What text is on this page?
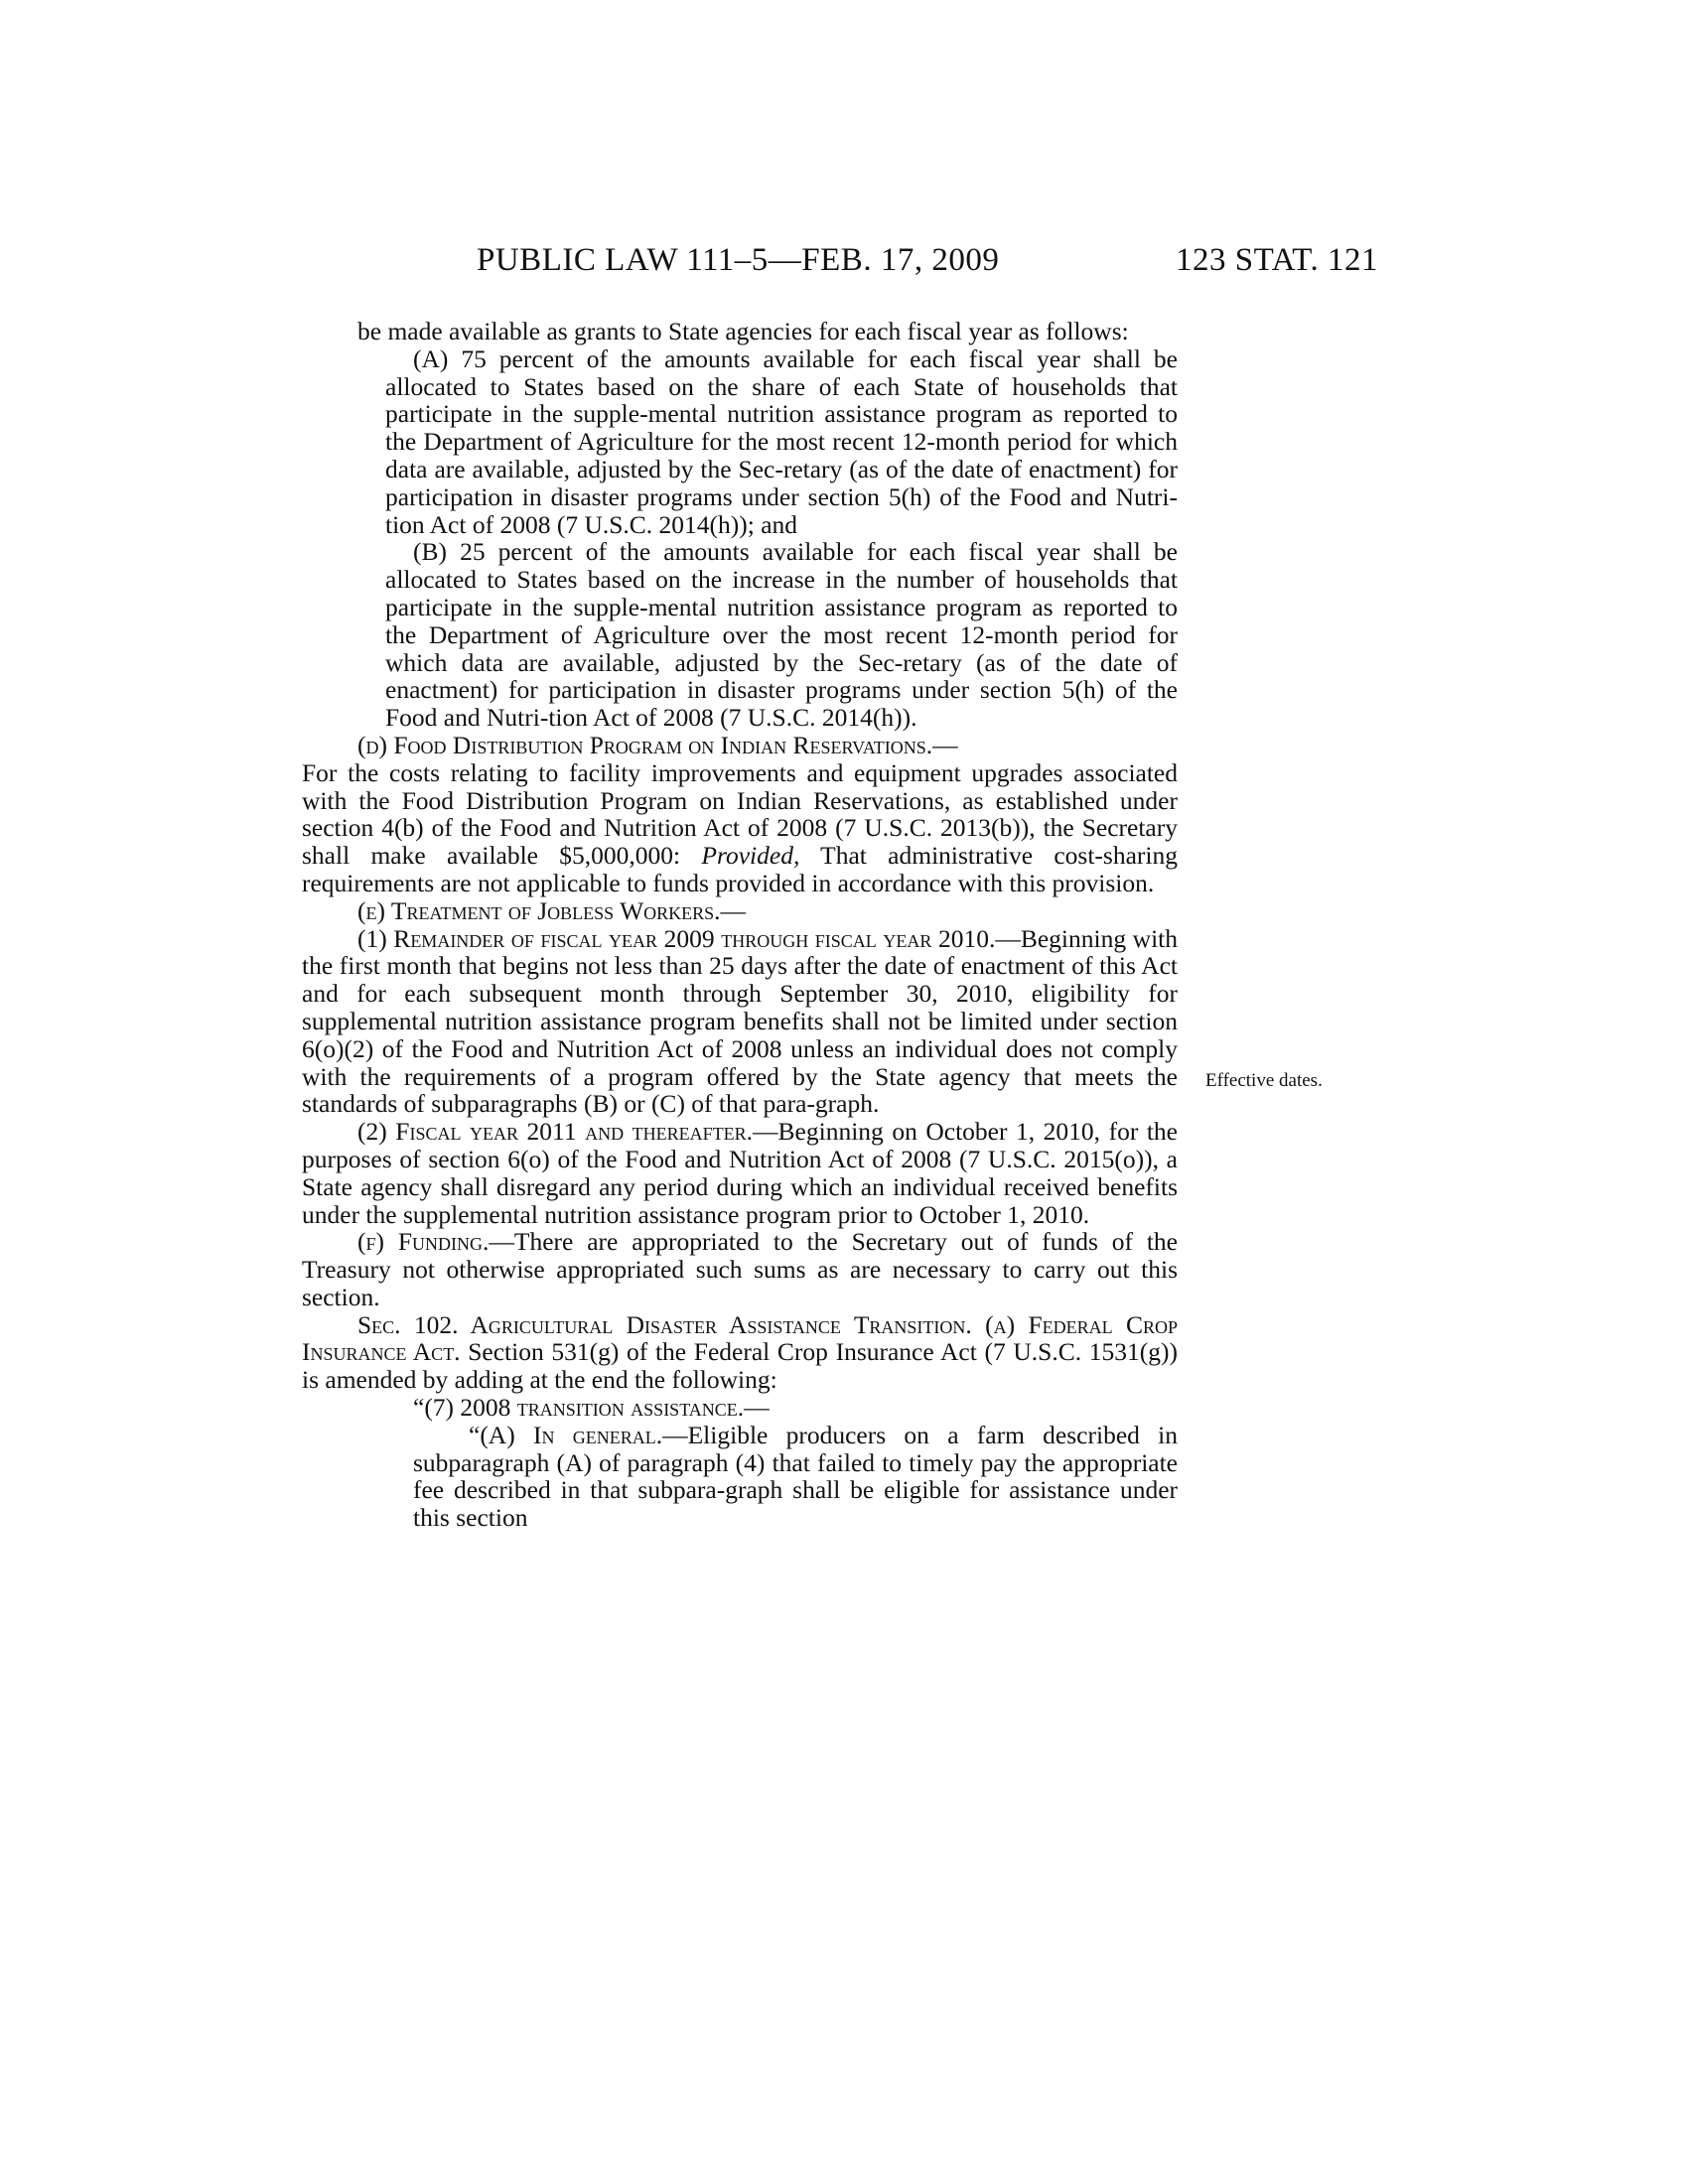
PUBLIC LAW 111–5—FEB. 17, 2009	123 STAT. 121
Effective dates.

be made available as grants to State agencies for each fiscal year as follows:

(A) 75 percent of the amounts available for each fiscal year shall be allocated to States based on the share of each State of households that participate in the supple-mental nutrition assistance program as reported to the Department of Agriculture for the most recent 12-month period for which data are available, adjusted by the Sec-retary (as of the date of enactment) for participation in disaster programs under section 5(h) of the Food and Nutri-tion Act of 2008 (7 U.S.C. 2014(h)); and

(B) 25 percent of the amounts available for each fiscal year shall be allocated to States based on the increase in the number of households that participate in the supple-mental nutrition assistance program as reported to the Department of Agriculture over the most recent 12-month period for which data are available, adjusted by the Sec-retary (as of the date of enactment) for participation in disaster programs under section 5(h) of the Food and Nutri-tion Act of 2008 (7 U.S.C. 2014(h)).

(d) Food Distribution Program on Indian Reservations.—

For the costs relating to facility improvements and equipment upgrades associated with the Food Distribution Program on Indian Reservations, as established under section 4(b) of the Food and Nutrition Act of 2008 (7 U.S.C. 2013(b)), the Secretary shall make available $5,000,000: Provided, That administrative cost-sharing requirements are not applicable to funds provided in accordance with this provision.

(e) Treatment of Jobless Workers.—

(1) Remainder of fiscal year 2009 through fiscal year 2010.—Beginning with the first month that begins not less than 25 days after the date of enactment of this Act and for each subsequent month through September 30, 2010, eligibility for supplemental nutrition assistance program benefits shall not be limited under section 6(o)(2) of the Food and Nutrition Act of 2008 unless an individual does not comply with the requirements of a program offered by the State agency that meets the standards of subparagraphs (B) or (C) of that para-graph.

(2) Fiscal year 2011 and thereafter.—Beginning on October 1, 2010, for the purposes of section 6(o) of the Food and Nutrition Act of 2008 (7 U.S.C. 2015(o)), a State agency shall disregard any period during which an individual received benefits under the supplemental nutrition assistance program prior to October 1, 2010.

(f) Funding.—There are appropriated to the Secretary out of funds of the Treasury not otherwise appropriated such sums as are necessary to carry out this section.

Sec. 102. Agricultural Disaster Assistance Transition. (a) Federal Crop Insurance Act. Section 531(g) of the Federal Crop Insurance Act (7 U.S.C. 1531(g)) is amended by adding at the end the following:

“(7) 2008 transition assistance.—

“(A) In general.—Eligible producers on a farm described in subparagraph (A) of paragraph (4) that failed to timely pay the appropriate fee described in that subpara-graph shall be eligible for assistance under this section
